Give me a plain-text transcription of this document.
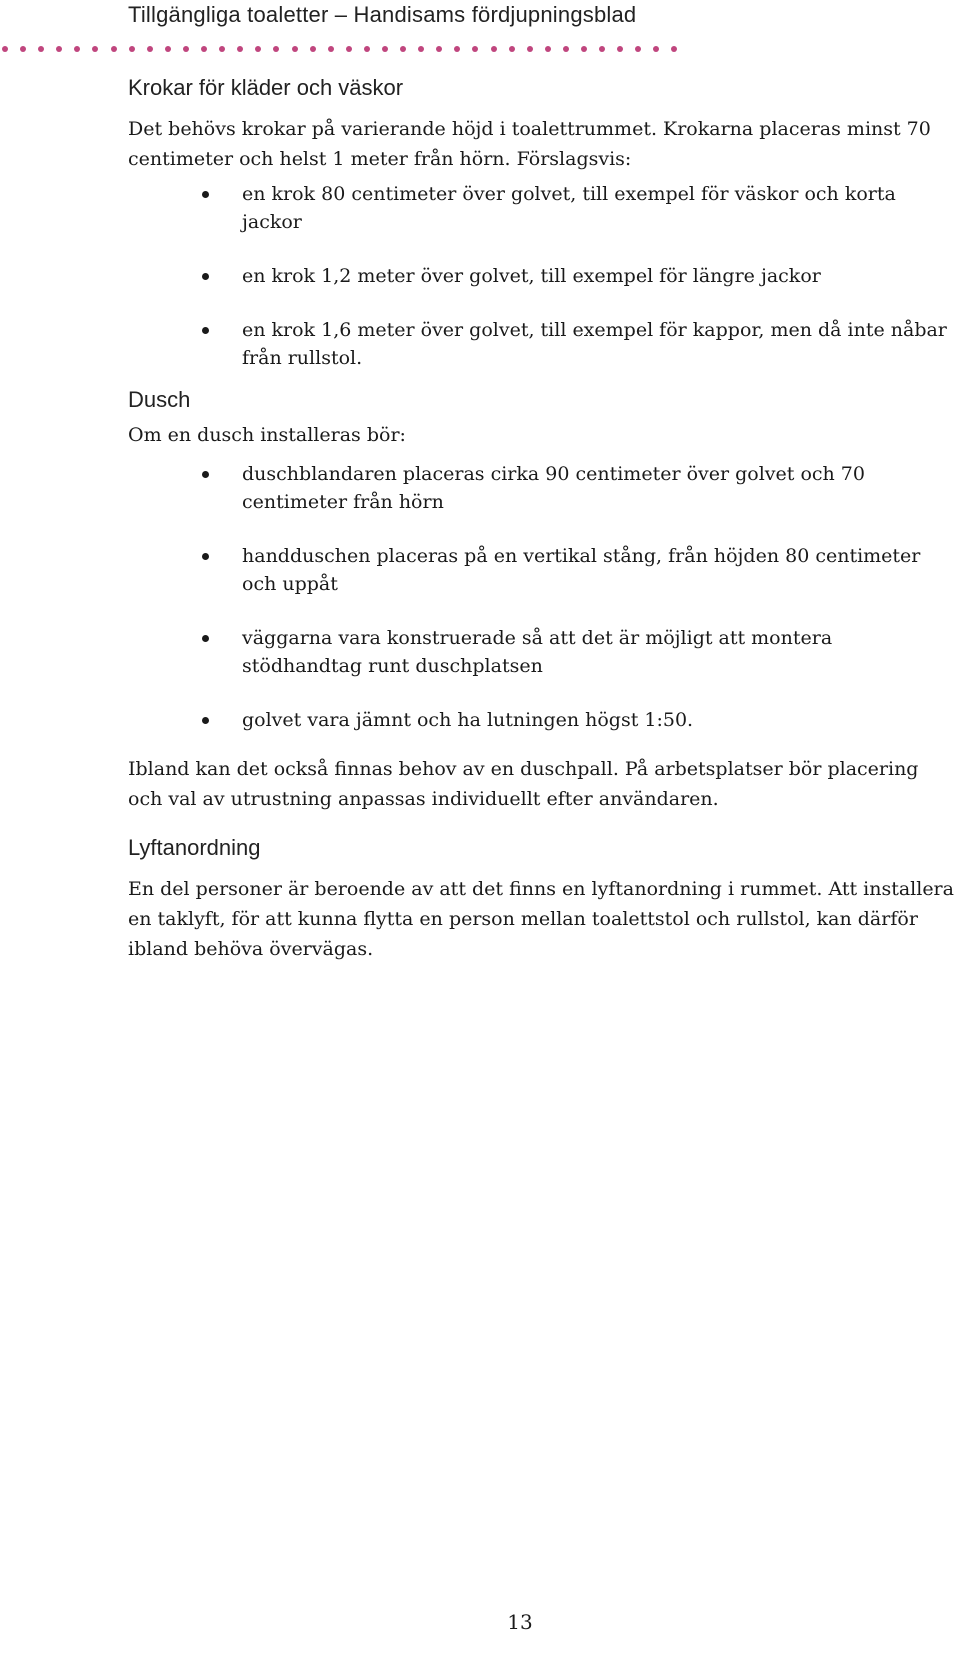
Tillgängliga toaletter – Handisams fördjupningsblad
Krokar för kläder och väskor

Det behövs krokar på varierande höjd i toalettrummet. Krokarna placeras minst 70 centimeter och helst 1 meter från hörn. Förslagsvis:

en krok 80 centimeter över golvet, till exempel för väskor och korta jackor
en krok 1,2 meter över golvet, till exempel för längre jackor
en krok 1,6 meter över golvet, till exempel för kappor, men då inte nåbar från rullstol.
Dusch

Om en dusch installeras bör:

duschblandaren placeras cirka 90 centimeter över golvet och 70 centimeter från hörn
handduschen placeras på en vertikal stång, från höjden 80 centimeter och uppåt
väggarna vara konstruerade så att det är möjligt att montera stödhandtag runt duschplatsen
golvet vara jämnt och ha lutningen högst 1:50.

Ibland kan det också finnas behov av en duschpall. På arbetsplatser bör placering och val av utrustning anpassas individuellt efter användaren.

Lyftanordning

En del personer är beroende av att det finns en lyftanordning i rummet. Att installera en taklyft, för att kunna flytta en person mellan toalettstol och rullstol, kan därför ibland behöva övervägas.

13
